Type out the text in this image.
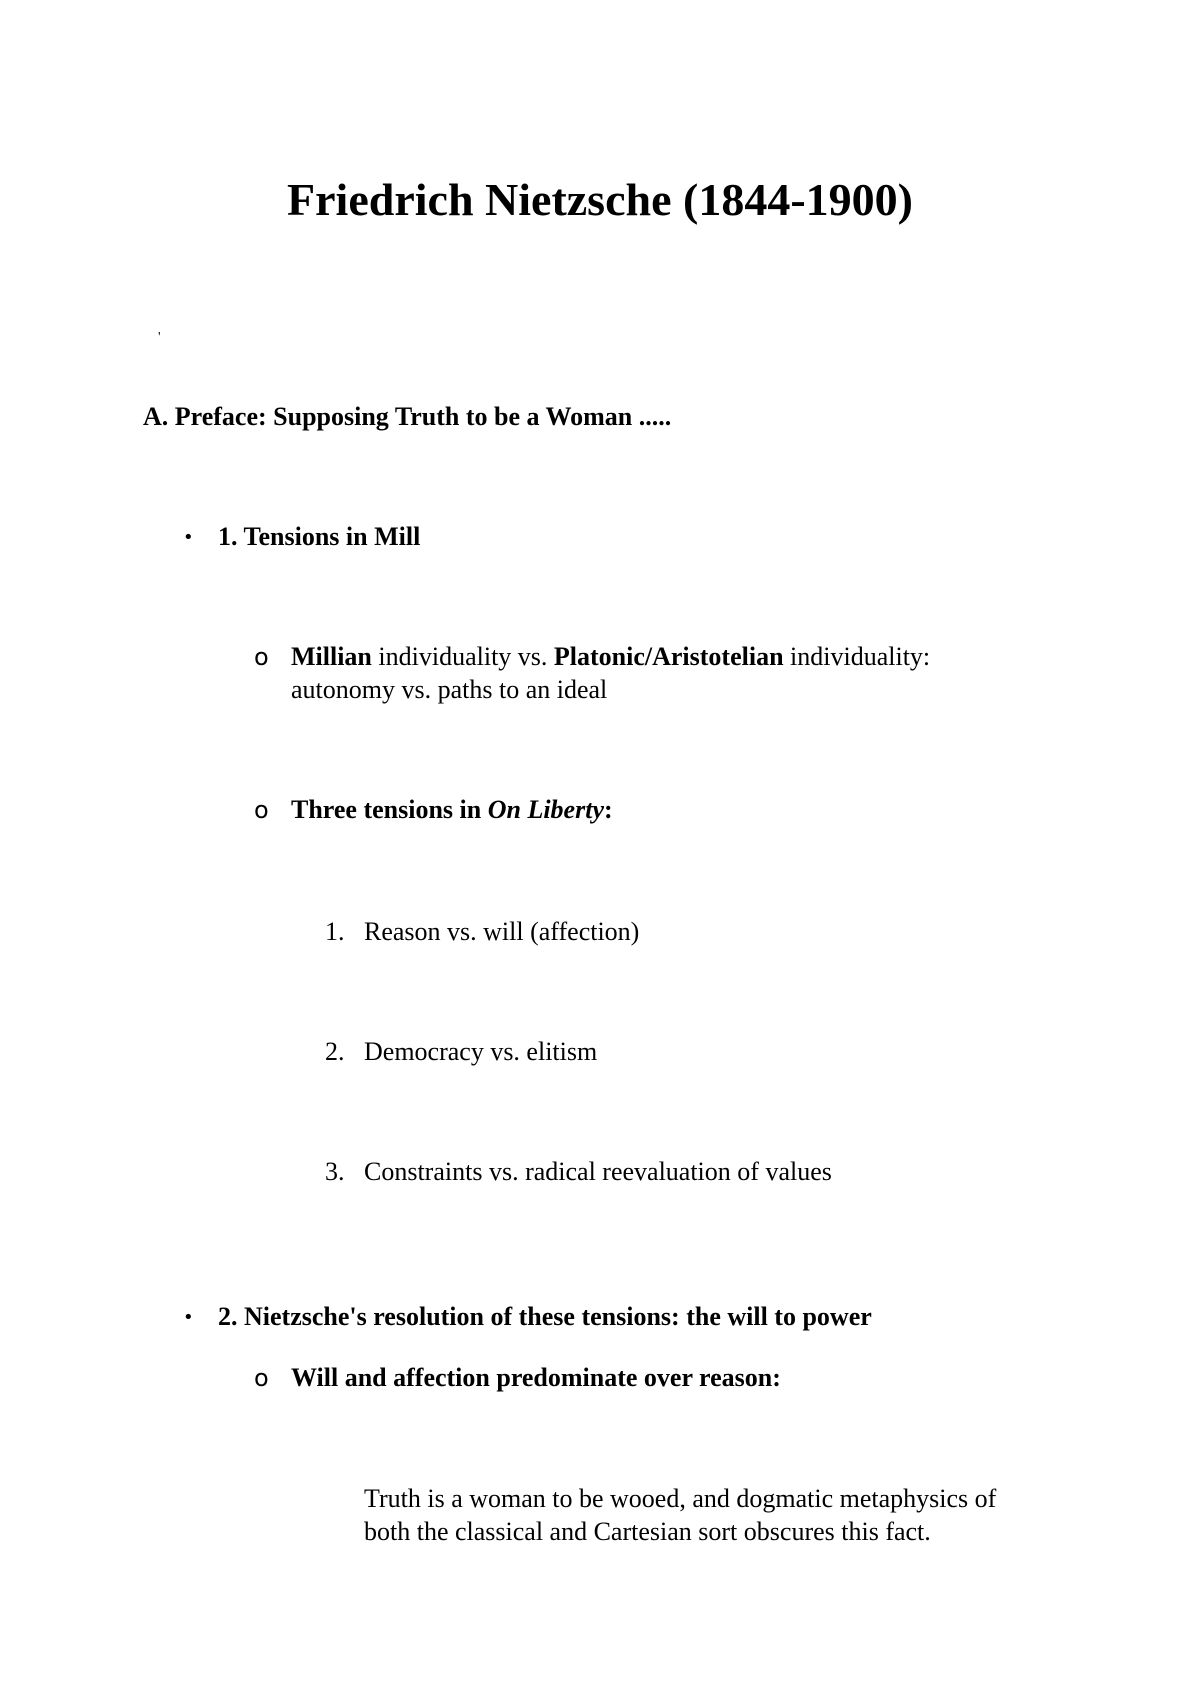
Friedrich Nietzsche (1844-1900)
'
A. Preface: Supposing Truth to be a Woman .....
• 1. Tensions in Mill
o Millian individuality vs. Platonic/Aristotelian individuality:
autonomy vs. paths to an ideal
o Three tensions in On Liberty:
1. Reason vs. will (affection)
2. Democracy vs. elitism
3. Constraints vs. radical reevaluation of values
• 2. Nietzsche's resolution of these tensions: the will to power
o Will and affection predominate over reason:
Truth is a woman to be wooed, and dogmatic metaphysics of
both the classical and Cartesian sort obscures this fact.
